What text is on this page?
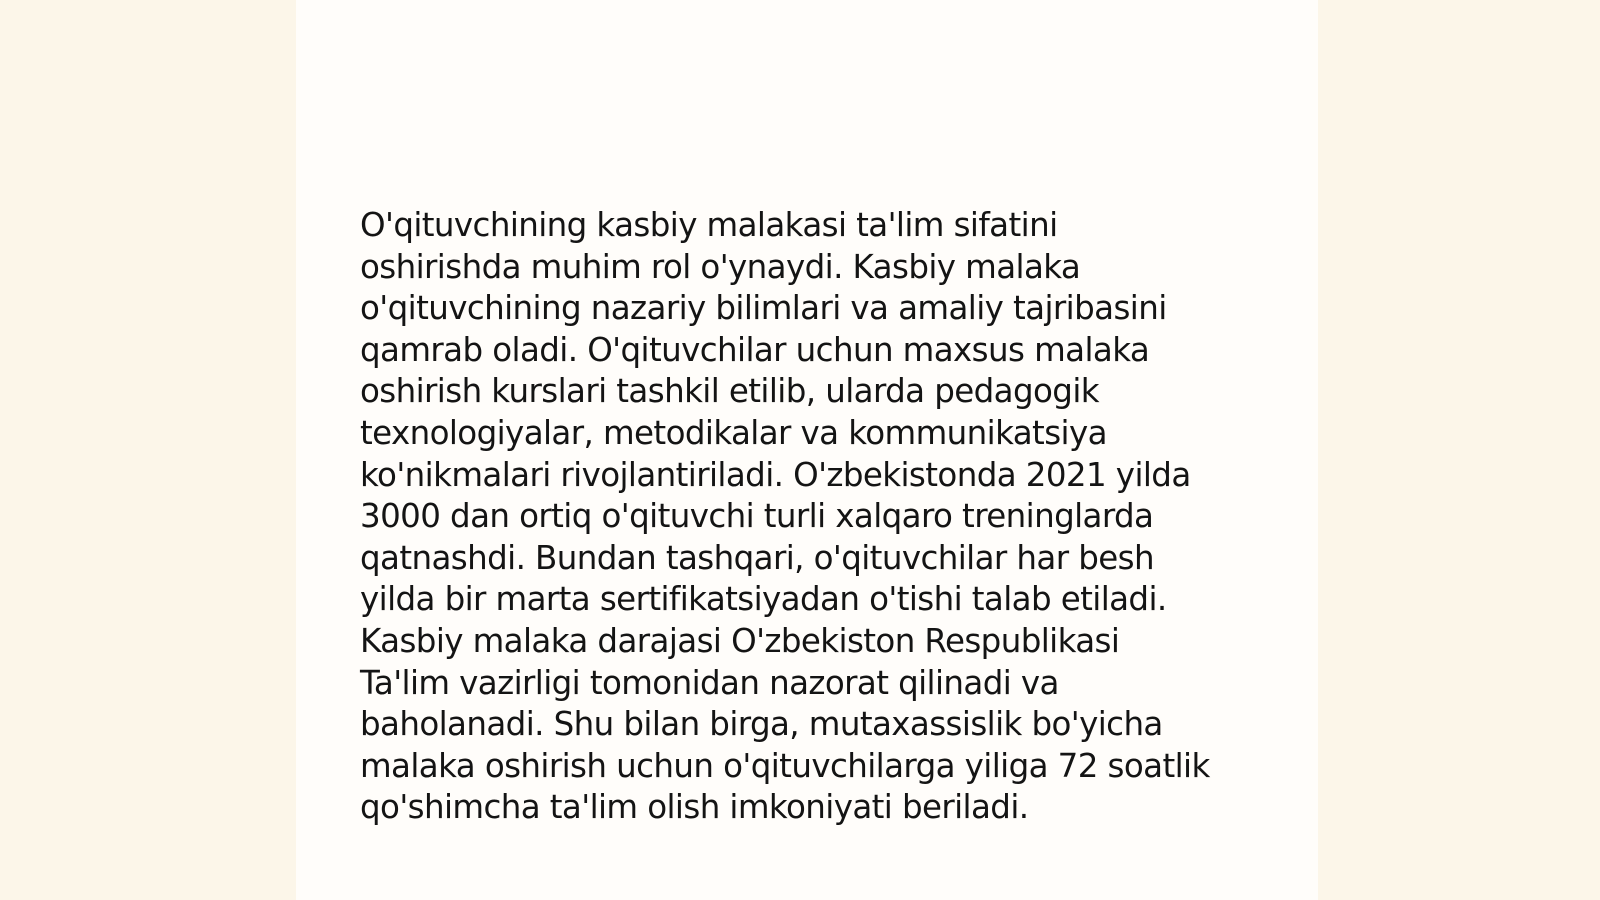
O'qituvchining kasbiy malakasi ta'lim sifatini
oshirishda muhim rol o'ynaydi. Kasbiy malaka
o'qituvchining nazariy bilimlari va amaliy tajribasini
qamrab oladi. O'qituvchilar uchun maxsus malaka
oshirish kurslari tashkil etilib, ularda pedagogik
texnologiyalar, metodikalar va kommunikatsiya
ko'nikmalari rivojlantiriladi. O'zbekistonda 2021 yilda
3000 dan ortiq o'qituvchi turli xalqaro treninglarda
qatnashdi. Bundan tashqari, o'qituvchilar har besh
yilda bir marta sertifikatsiyadan o'tishi talab etiladi.
Kasbiy malaka darajasi O'zbekiston Respublikasi
Ta'lim vazirligi tomonidan nazorat qilinadi va
baholanadi. Shu bilan birga, mutaxassislik bo'yicha
malaka oshirish uchun o'qituvchilarga yiliga 72 soatlik
qo'shimcha ta'lim olish imkoniyati beriladi.
